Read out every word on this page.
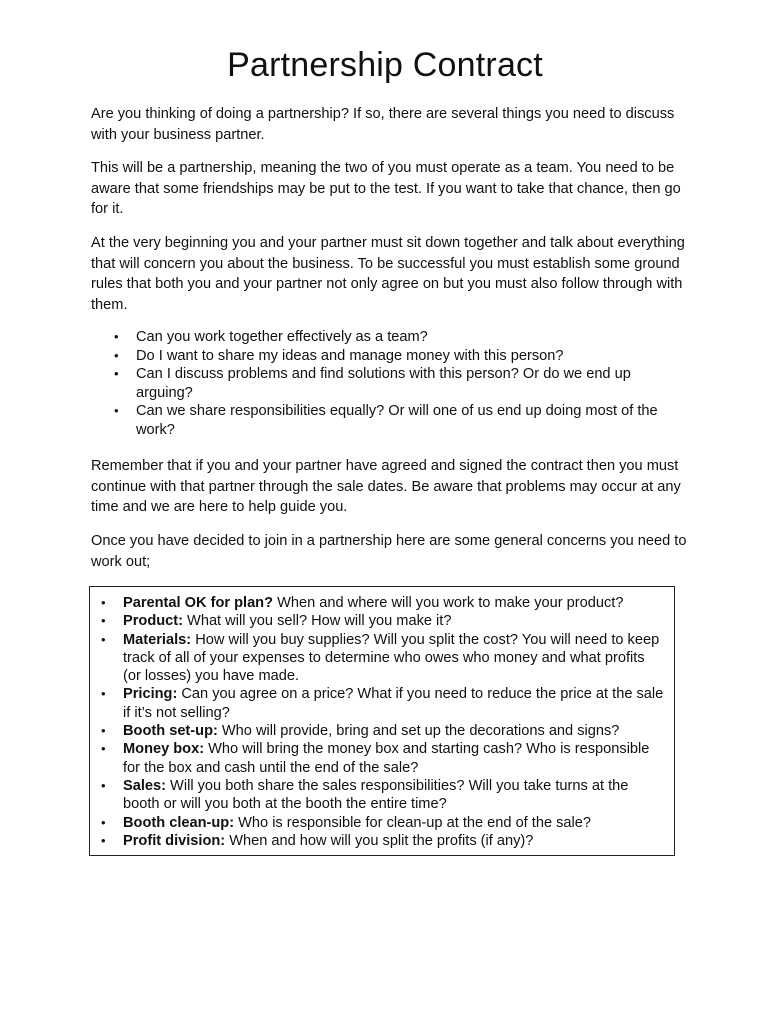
Partnership Contract

Are you thinking of doing a partnership? If so, there are several things you need to discuss with your business partner.

This will be a partnership, meaning the two of you must operate as a team. You need to be aware that some friendships may be put to the test. If you want to take that chance, then go for it.

At the very beginning you and your partner must sit down together and talk about everything that will concern you about the business. To be successful you must establish some ground rules that both you and your partner not only agree on but you must also follow through with them.

• Can you work together effectively as a team?
• Do I want to share my ideas and manage money with this person?
• Can I discuss problems and find solutions with this person? Or do we end up arguing?
• Can we share responsibilities equally? Or will one of us end up doing most of the work?

Remember that if you and your partner have agreed and signed the contract then you must continue with that partner through the sale dates. Be aware that problems may occur at any time and we are here to help guide you.

Once you have decided to join in a partnership here are some general concerns you need to work out;

• Parental OK for plan? When and where will you work to make your product?
• Product: What will you sell? How will you make it?
• Materials: How will you buy supplies? Will you split the cost? You will need to keep track of all of your expenses to determine who owes who money and what profits (or losses) you have made.
• Pricing: Can you agree on a price? What if you need to reduce the price at the sale if it’s not selling?
• Booth set-up: Who will provide, bring and set up the decorations and signs?
• Money box: Who will bring the money box and starting cash? Who is responsible for the box and cash until the end of the sale?
• Sales: Will you both share the sales responsibilities? Will you take turns at the booth or will you both at the booth the entire time?
• Booth clean-up: Who is responsible for clean-up at the end of the sale?
• Profit division: When and how will you split the profits (if any)?
